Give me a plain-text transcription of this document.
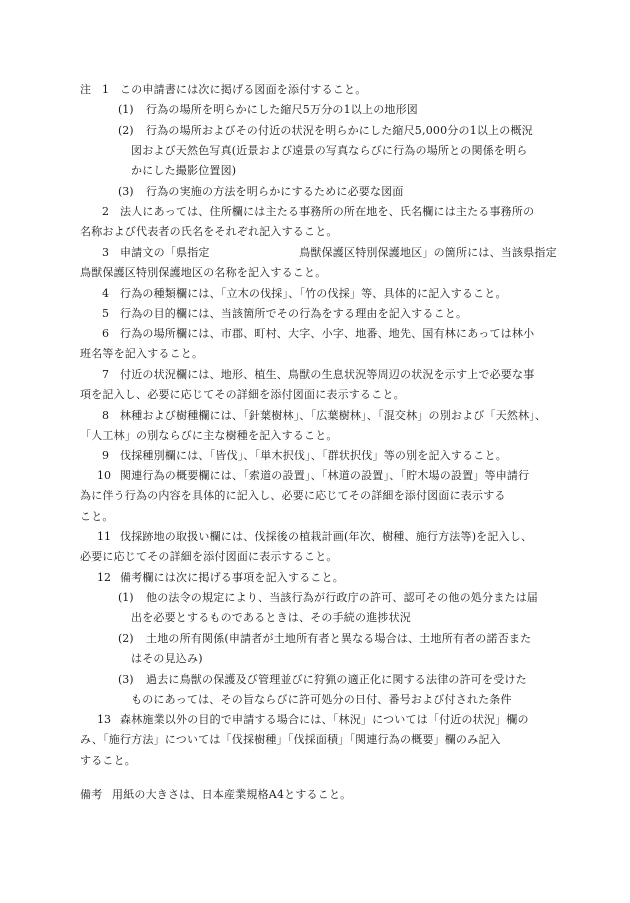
注 1 この申請書には次に掲げる図面を添付すること。
(1) 行為の場所を明らかにした縮尺5万分の1以上の地形図
(2) 行為の場所およびその付近の状況を明らかにした縮尺5,000分の1以上の概況
図および天然色写真(近景および遠景の写真ならびに行為の場所との関係を明ら
かにした撮影位置図)
(3) 行為の実施の方法を明らかにするために必要な図面
2 法人にあっては、住所欄には主たる事務所の所在地を、氏名欄には主たる事務所の
名称および代表者の氏名をそれぞれ記入すること。
3 申請文の「県指定　　　　　　　　鳥獣保護区特別保護地区」の箇所には、当該県指定
鳥獣保護区特別保護地区の名称を記入すること。
4 行為の種類欄には、「立木の伐採」、「竹の伐採」等、具体的に記入すること。
5 行為の目的欄には、当該箇所でその行為をする理由を記入すること。
6 行為の場所欄には、市郡、町村、大字、小字、地番、地先、国有林にあっては林小
班名等を記入すること。
7 付近の状況欄には、地形、植生、鳥獣の生息状況等周辺の状況を示す上で必要な事
項を記入し、必要に応じてその詳細を添付図面に表示すること。
8 林種および樹種欄には、「針葉樹林」、「広葉樹林」、「混交林」の別および「天然林」、
「人工林」の別ならびに主な樹種を記入すること。
9 伐採種別欄には、「皆伐」、「単木択伐」、「群状択伐」等の別を記入すること。
10 関連行為の概要欄には、「索道の設置」、「林道の設置」、「貯木場の設置」等申請行
為に伴う行為の内容を具体的に記入し、必要に応じてその詳細を添付図面に表示する
こと。
11 伐採跡地の取扱い欄には、伐採後の植栽計画(年次、樹種、施行方法等)を記入し、
必要に応じてその詳細を添付図面に表示すること。
12 備考欄には次に掲げる事項を記入すること。
(1) 他の法令の規定により、当該行為が行政庁の許可、認可その他の処分または届
出を必要とするものであるときは、その手続の進捗状況
(2) 土地の所有関係(申請者が土地所有者と異なる場合は、土地所有者の諾否また
はその見込み)
(3) 過去に鳥獣の保護及び管理並びに狩猟の適正化に関する法律の許可を受けた
ものにあっては、その旨ならびに許可処分の日付、番号および付された条件
13 森林施業以外の目的で申請する場合には、「林況」については「付近の状況」欄の
み、「施行方法」については「伐採樹種」「伐採面積」「関連行為の概要」欄のみ記入
すること。
備考 用紙の大きさは、日本産業規格A4とすること。
